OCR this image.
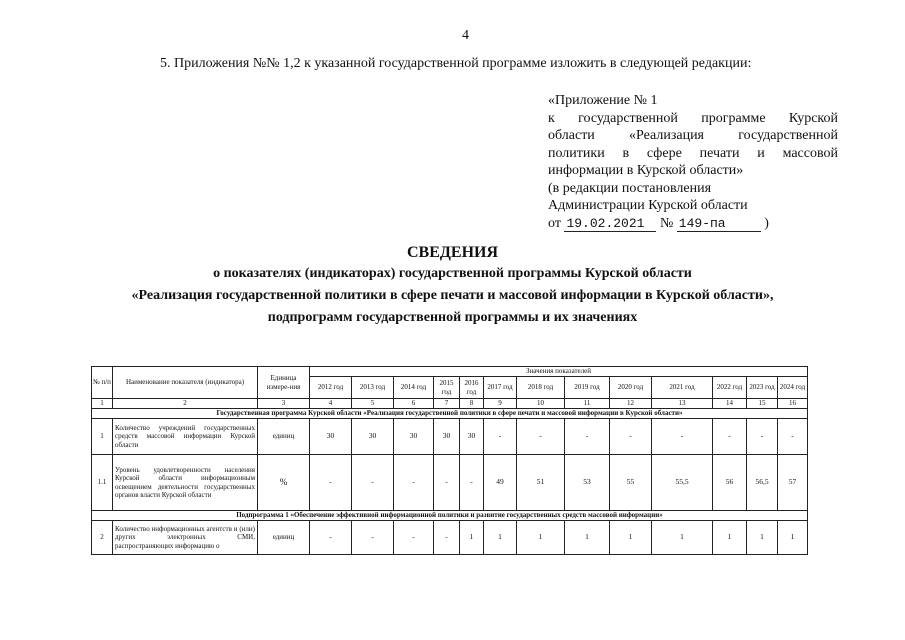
4
5. Приложения №№ 1,2 к указанной государственной программе изложить в следующей редакции:
«Приложение № 1
к государственной программе Курской
области «Реализация государственной
политики в сфере печати и массовой
информации в Курской области»
(в редакции постановления
Администрации Курской области
от 19.02.2021 № 149-па	)
СВЕДЕНИЯ
о показателях (индикаторах) государственной программы Курской области
«Реализация государственной политики в сфере печати и массовой информации в Курской области»,
подпрограмм государственной программы и их значениях
№ п/п	Наименование показателя (индикатора)	Единица измере-ния	Значения показателей												
			2012 год	2013 год	2014 год	2015 год	2016 год	2017 год	2018 год	2019 год	2020 год	2021 год	2022 год	2023 год	2024 год
1	2	3	4	5	6	7	8	9	10	11	12	13	14	15	16
Государственная программа Курской области «Реализация государственной политики в сфере печати и массовой информации в Курской области»															
1	Количество учреждений государственных средств массовой информации Курской области	единиц	30	30	30	30	30	-	-	-	-	-	-	-	-
1.1	Уровень удовлетворенности населения Курской области информационным освещением деятельности государственных органов власти Курской области	%	-	-	-	-	-	49	51	53	55	55,5	56	56,5	57
Подпрограмма 1 «Обеспечение эффективной информационной политики и развитие государственных средств массовой информации»															
2	Количество информационных агентств и (или) других электронных СМИ, распространяющих информацию о	единиц	-	-	-	-	1	1	1	1	1	1	1	1	1
